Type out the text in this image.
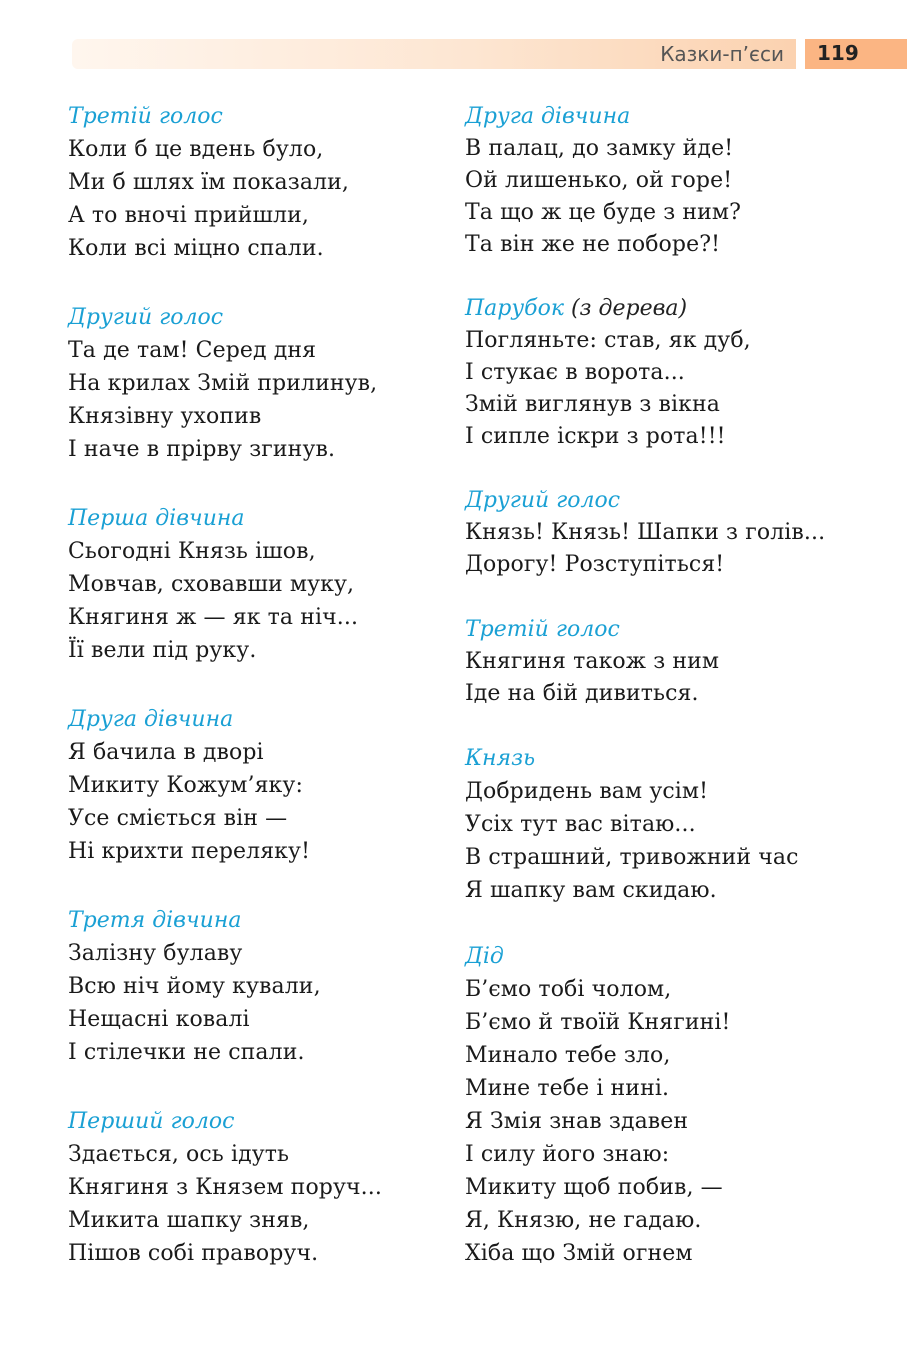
Казки-п’єси 119
Третій голос
Коли б це вдень було,
Ми б шлях їм показали,
А то вночі прийшли,
Коли всі міцно спали.
Другий голос
Та де там! Серед дня
На крилах Змій прилинув,
Князівну ухопив
І наче в прірву згинув.
Перша дівчина
Сьогодні Князь ішов,
Мовчав, сховавши муку,
Княгиня ж — як та ніч...
Її вели під руку.
Друга дівчина
Я бачила в дворі
Микиту Кожум’яку:
Усе сміється він —
Ні крихти переляку!
Третя дівчина
Залізну булаву
Всю ніч йому кували,
Нещасні ковалі
І стілечки не спали.
Перший голос
Здається, ось ідуть
Княгиня з Князем поруч...
Микита шапку зняв,
Пішов собі праворуч.
Друга дівчина
В палац, до замку йде!
Ой лишенько, ой горе!
Та що ж це буде з ним?
Та він же не поборе?!
Парубок (з дерева)
Погляньте: став, як дуб,
І стукає в ворота...
Змій виглянув з вікна
І сипле іскри з рота!!!
Другий голос
Князь! Князь! Шапки з голів...
Дорогу! Розступіться!
Третій голос
Княгиня також з ним
Іде на бій дивиться.
Князь
Добридень вам усім!
Усіх тут вас вітаю...
В страшний, тривожний час
Я шапку вам скидаю.
Дід
Б’ємо тобі чолом,
Б’ємо й твоїй Княгині!
Минало тебе зло,
Мине тебе і нині.
Я Змія знав здавен
І силу його знаю:
Микиту щоб побив, —
Я, Князю, не гадаю.
Хіба що Змій огнем
